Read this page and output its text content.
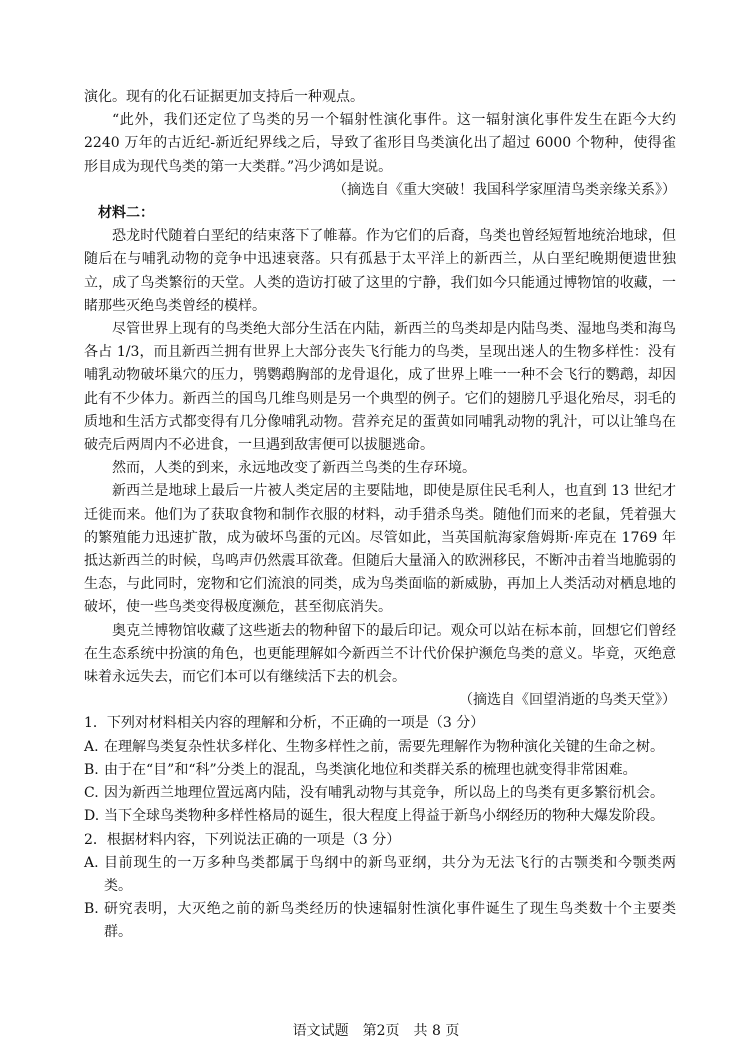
演化。现有的化石证据更加支持后一种观点。

“此外，我们还定位了鸟类的另一个辐射性演化事件。这一辐射演化事件发生在距今大约 2240 万年的古近纪-新近纪界线之后，导致了雀形目鸟类演化出了超过 6000 个物种，使得雀形目成为现代鸟类的第一大类群。”冯少鸿如是说。

（摘选自《重大突破！我国科学家厘清鸟类亲缘关系》）

材料二：

恐龙时代随着白垩纪的结束落下了帷幕。作为它们的后裔，鸟类也曾经短暂地统治地球，但随后在与哺乳动物的竞争中迅速衰落。只有孤悬于太平洋上的新西兰，从白垩纪晚期便遗世独立，成了鸟类繁衍的天堂。人类的造访打破了这里的宁静，我们如今只能通过博物馆的收藏，一睹那些灭绝鸟类曾经的模样。

尽管世界上现有的鸟类绝大部分生活在内陆，新西兰的鸟类却是内陆鸟类、湿地鸟类和海鸟各占 1/3，而且新西兰拥有世界上大部分丧失飞行能力的鸟类，呈现出迷人的生物多样性：没有哺乳动物破坏巢穴的压力，鸮鹦鹉胸部的龙骨退化，成了世界上唯一一种不会飞行的鹦鹉，却因此有不少体力。新西兰的国鸟几维鸟则是另一个典型的例子。它们的翅膀几乎退化殆尽，羽毛的质地和生活方式都变得有几分像哺乳动物。营养充足的蛋黄如同哺乳动物的乳汁，可以让雏鸟在破壳后两周内不必进食，一旦遇到敌害便可以拔腿逃命。

然而，人类的到来，永远地改变了新西兰鸟类的生存环境。

新西兰是地球上最后一片被人类定居的主要陆地，即使是原住民毛利人，也直到 13 世纪才迁徙而来。他们为了获取食物和制作衣服的材料，动手猎杀鸟类。随他们而来的老鼠，凭着强大的繁殖能力迅速扩散，成为破坏鸟蛋的元凶。尽管如此，当英国航海家詹姆斯·库克在 1769 年抵达新西兰的时候，鸟鸣声仍然震耳欲聋。但随后大量涌入的欧洲移民，不断冲击着当地脆弱的生态，与此同时，宠物和它们流浪的同类，成为鸟类面临的新威胁，再加上人类活动对栖息地的破坏，使一些鸟类变得极度濒危，甚至彻底消失。

奥克兰博物馆收藏了这些逝去的物种留下的最后印记。观众可以站在标本前，回想它们曾经在生态系统中扮演的角色，也更能理解如今新西兰不计代价保护濒危鸟类的意义。毕竟，灭绝意味着永远失去，而它们本可以有继续活下去的机会。

（摘选自《回望消逝的鸟类天堂》）

1．下列对材料相关内容的理解和分析，不正确的一项是（3 分）

A. 在理解鸟类复杂性状多样化、生物多样性之前，需要先理解作为物种演化关键的生命之树。
B. 由于在“目”和“科”分类上的混乱，鸟类演化地位和类群关系的梳理也就变得非常困难。
C. 因为新西兰地理位置远离内陆，没有哺乳动物与其竞争，所以岛上的鸟类有更多繁衍机会。
D. 当下全球鸟类物种多样性格局的诞生，很大程度上得益于新鸟小纲经历的物种大爆发阶段。

2．根据材料内容，下列说法正确的一项是（3 分）

A. 目前现生的一万多种鸟类都属于鸟纲中的新鸟亚纲，共分为无法飞行的古颚类和今颚类两类。
B. 研究表明，大灭绝之前的新鸟类经历的快速辐射性演化事件诞生了现生鸟类数十个主要类群。
语文试题　第2页　共 8 页
